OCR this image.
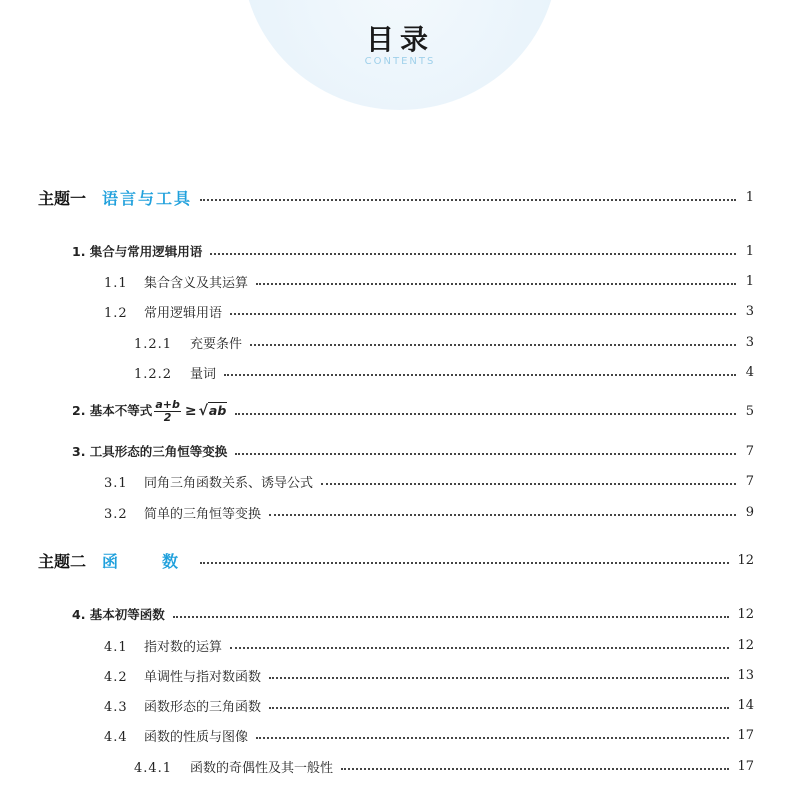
目录
CONTENTS
主题一 语言与工具	1
1. 集合与常用逻辑用语	1
1.1 集合含义及其运算	1
1.2 常用逻辑用语	3
1.2.1 充要条件	3
1.2.2 量词	4
2. 基本不等式 $\frac{a+b}{2} \ge √ab$	5
3. 工具形态的三角恒等变换	7
3.1 同角三角函数关系、诱导公式	7
3.2 简单的三角恒等变换	9
主题二 函　数	12
4. 基本初等函数	12
4.1 指对数的运算	12
4.2 单调性与指对数函数	13
4.3 函数形态的三角函数	14
4.4 函数的性质与图像	17
4.4.1 函数的奇偶性及其一般性	17
